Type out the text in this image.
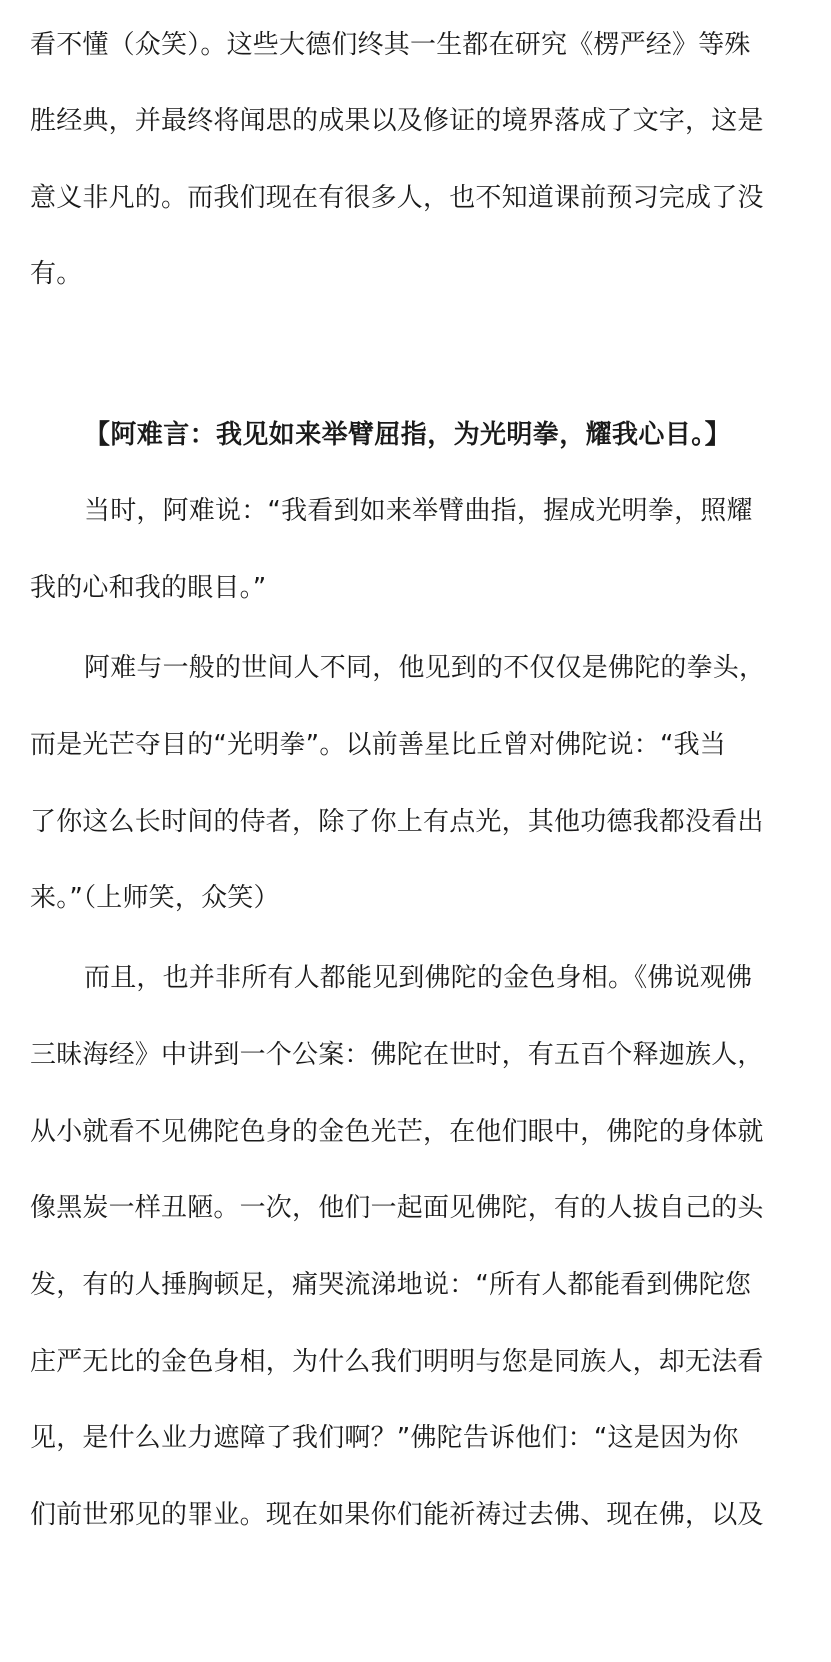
看不懂（众笑）。这些大德们终其一生都在研究《楞严经》等殊
胜经典，并最终将闻思的成果以及修证的境界落成了文字，这是
意义非凡的。而我们现在有很多人，也不知道课前预习完成了没
有。
【阿难言：我见如来举臂屈指，为光明拳，耀我心目。】
当时，阿难说：“我看到如来举臂曲指，握成光明拳，照耀
我的心和我的眼目。”
阿难与一般的世间人不同，他见到的不仅仅是佛陀的拳头，
而是光芒夺目的“光明拳”。以前善星比丘曾对佛陀说：“我当
了你这么长时间的侍者，除了你上有点光，其他功德我都没看出
来。”（上师笑，众笑）
而且，也并非所有人都能见到佛陀的金色身相。《佛说观佛
三昧海经》中讲到一个公案：佛陀在世时，有五百个释迦族人，
从小就看不见佛陀色身的金色光芒，在他们眼中，佛陀的身体就
像黑炭一样丑陋。一次，他们一起面见佛陀，有的人拔自己的头
发，有的人捶胸顿足，痛哭流涕地说：“所有人都能看到佛陀您
庄严无比的金色身相，为什么我们明明与您是同族人，却无法看
见，是什么业力遮障了我们啊？”佛陀告诉他们：“这是因为你
们前世邪见的罪业。现在如果你们能祈祷过去佛、现在佛，以及
